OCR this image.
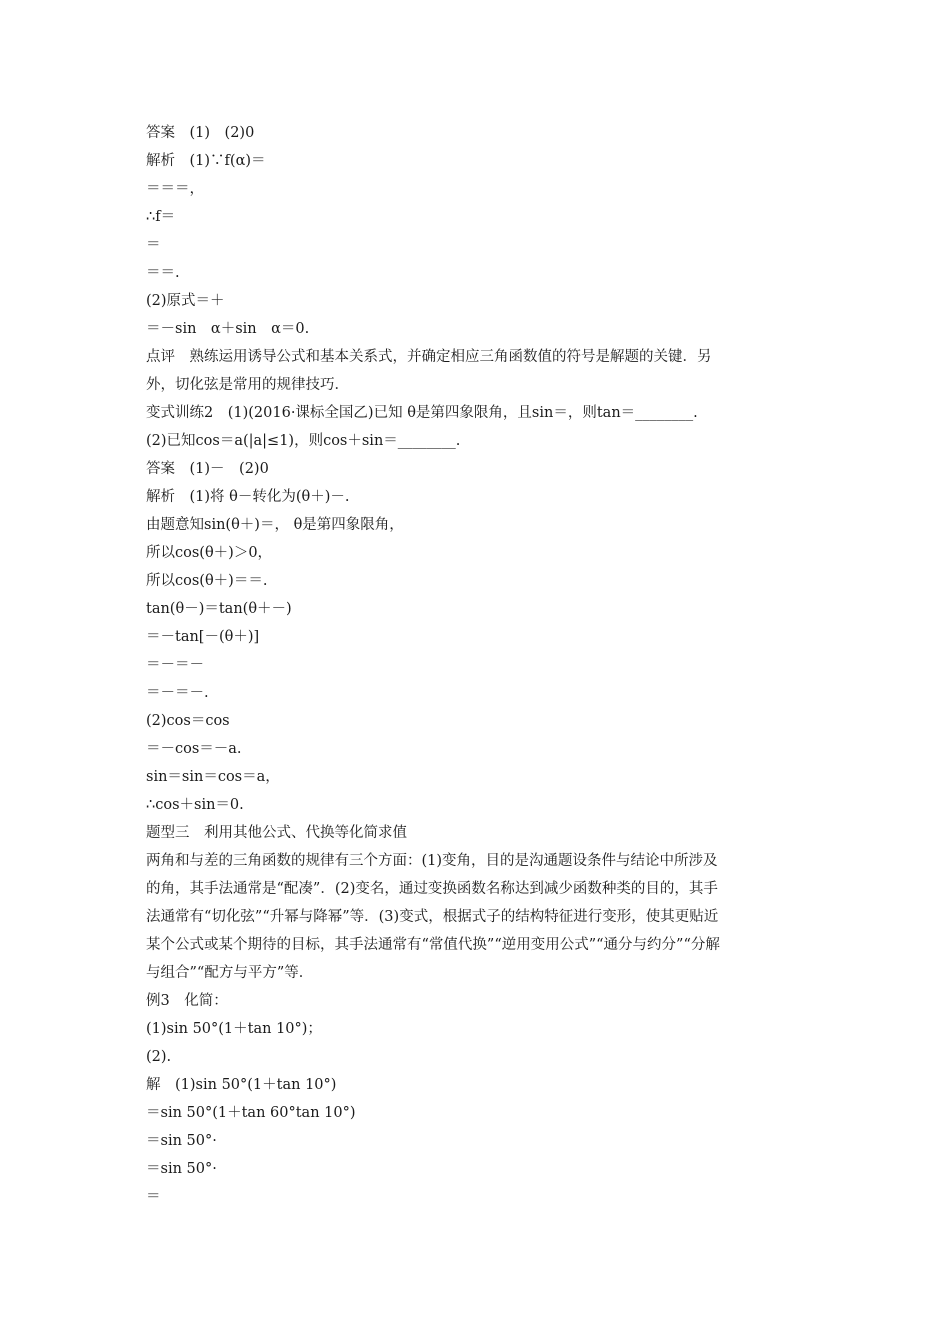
答案　(1)　(2)0
解析　(1)∵f(α)＝
＝＝＝，
∴f＝
＝
＝＝.
(2)原式＝＋
＝－sin　α＋sin　α＝0.
点评　熟练运用诱导公式和基本关系式，并确定相应三角函数值的符号是解题的关键．另
外，切化弦是常用的规律技巧．
变式训练2　(1)(2016·课标全国乙)已知 θ是第四象限角，且sin＝，则tan＝________.
(2)已知cos＝a(|a|≤1)，则cos＋sin＝________.
答案　(1)－　(2)0
解析　(1)将 θ－转化为(θ＋)－.
由题意知sin(θ＋)＝， θ是第四象限角，
所以cos(θ＋)＞0，
所以cos(θ＋)＝＝.
tan(θ－)＝tan(θ＋－)
＝－tan[－(θ＋)]
＝－＝－
＝－＝－.
(2)cos＝cos
＝－cos＝－a.
sin＝sin＝cos＝a，
∴cos＋sin＝0.
题型三　利用其他公式、代换等化简求值
两角和与差的三角函数的规律有三个方面：(1)变角，目的是沟通题设条件与结论中所涉及
的角，其手法通常是“配凑”．(2)变名，通过变换函数名称达到减少函数种类的目的，其手
法通常有“切化弦”“升幂与降幂”等．(3)变式，根据式子的结构特征进行变形，使其更贴近
某个公式或某个期待的目标，其手法通常有“常值代换”“逆用变用公式”“通分与约分”“分解
与组合”“配方与平方”等．
例3　化简：
(1)sin 50°(1＋tan 10°)；
(2).
解　(1)sin 50°(1＋tan 10°)
＝sin 50°(1＋tan 60°tan 10°)
＝sin 50°·
＝sin 50°·
＝
